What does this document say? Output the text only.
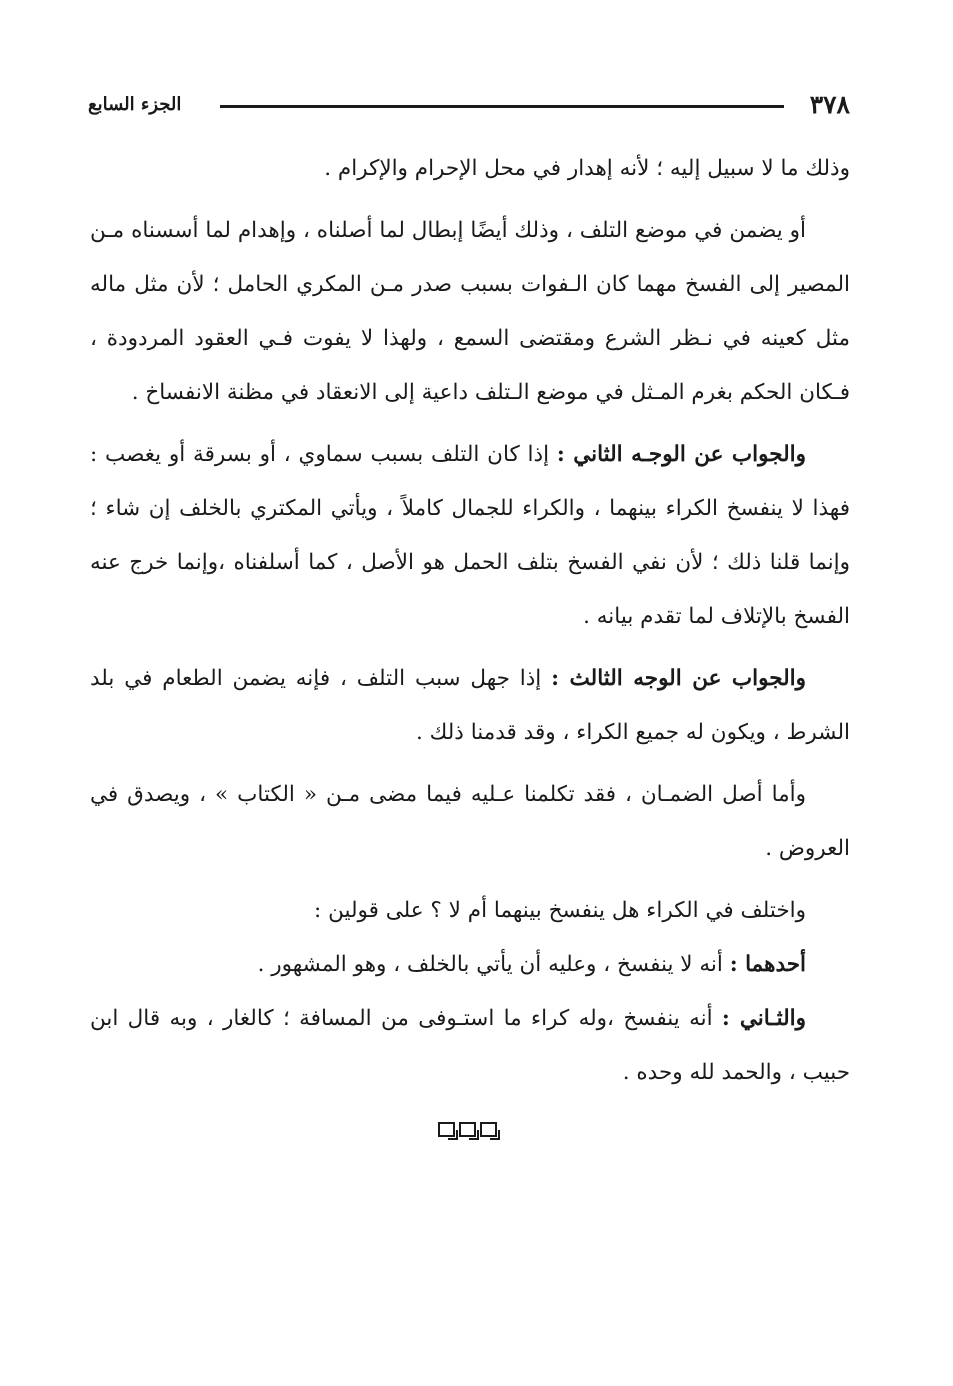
٣٧٨
الجزء السابع

وذلك ما لا سبيل إليه ؛ لأنه إهدار في محل الإحرام والإكرام .

أو يضمن في موضع التلف ، وذلك أيضًا إبطال لما أصلناه ، وإهدام لما أسسناه مـن المصير إلى الفسخ مهما كان الـفوات بسبب صدر مـن المكري الحامل ؛ لأن مثل ماله مثل كعينه في نـظر الشرع ومقتضى السمع ، ولهذا لا يفوت فـي العقود المردودة ، فـكان الحكم بغرم المـثل في موضع الـتلف داعية إلى الانعقاد في مظنة الانفساخ .

والجواب عن الوجـه الثاني : إذا كان التلف بسبب سماوي ، أو بسرقة أو يغصب : فهذا لا ينفسخ الكراء بينهما ، والكراء للجمال كاملاً ، ويأتي المكتري بالخلف إن شاء ؛ وإنما قلنا ذلك ؛ لأن نفي الفسخ بتلف الحمل هو الأصل ، كما أسلفناه ،وإنما خرج عنه الفسخ بالإتلاف لما تقدم بيانه .

والجواب عن الوجه الثالث : إذا جهل سبب التلف ، فإنه يضمن الطعام في بلد الشرط ، ويكون له جميع الكراء ، وقد قدمنا ذلك .

وأما أصل الضمـان ، فقد تكلمنا عـليه فيما مضى مـن « الكتاب » ، ويصدق في العروض .

واختلف في الكراء هل ينفسخ بينهما أم لا ؟ على قولين :

أحدهما : أنه لا ينفسخ ، وعليه أن يأتي بالخلف ، وهو المشهور .

والثـاني : أنه ينفسخ ،وله كراء ما استـوفى من المسافة ؛ كالغار ، وبه قال ابن حبيب ، والحمد لله وحده .
